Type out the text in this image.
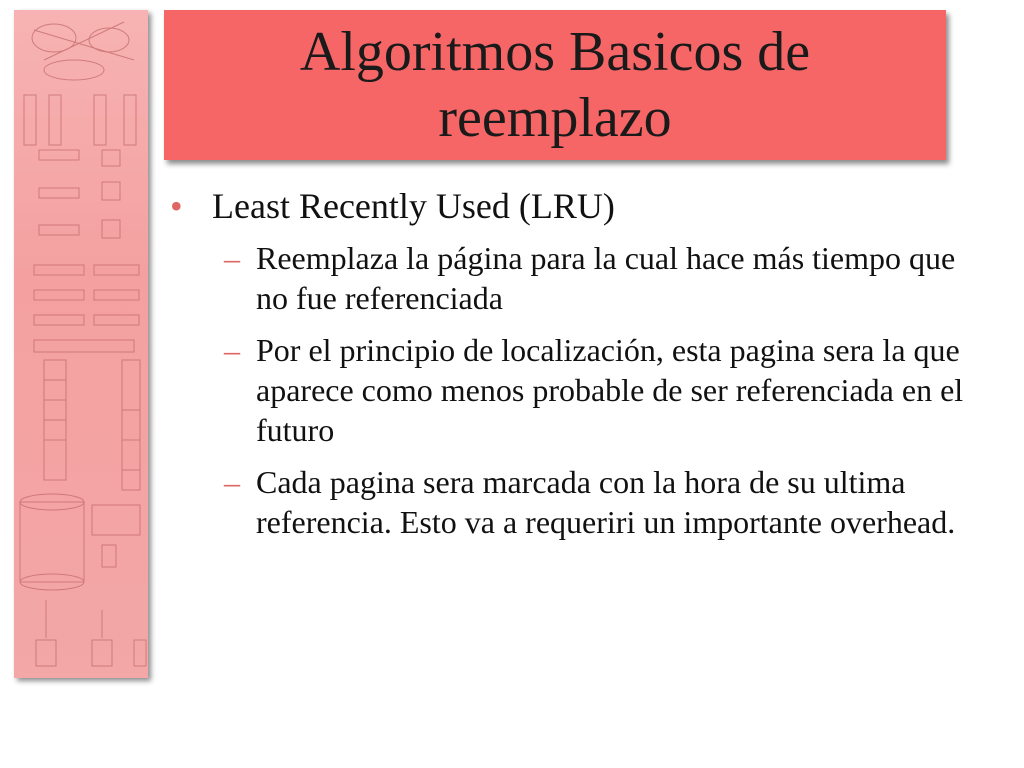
Algoritmos Basicos de reemplazo
• Least Recently Used (LRU)
– Reemplaza la página para la cual hace más tiempo que no fue referenciada
– Por el principio de localización, esta pagina sera la que aparece como menos probable de ser referenciada en el futuro
– Cada pagina sera marcada con la hora de su ultima referencia. Esto va a requeriri un importante overhead.
